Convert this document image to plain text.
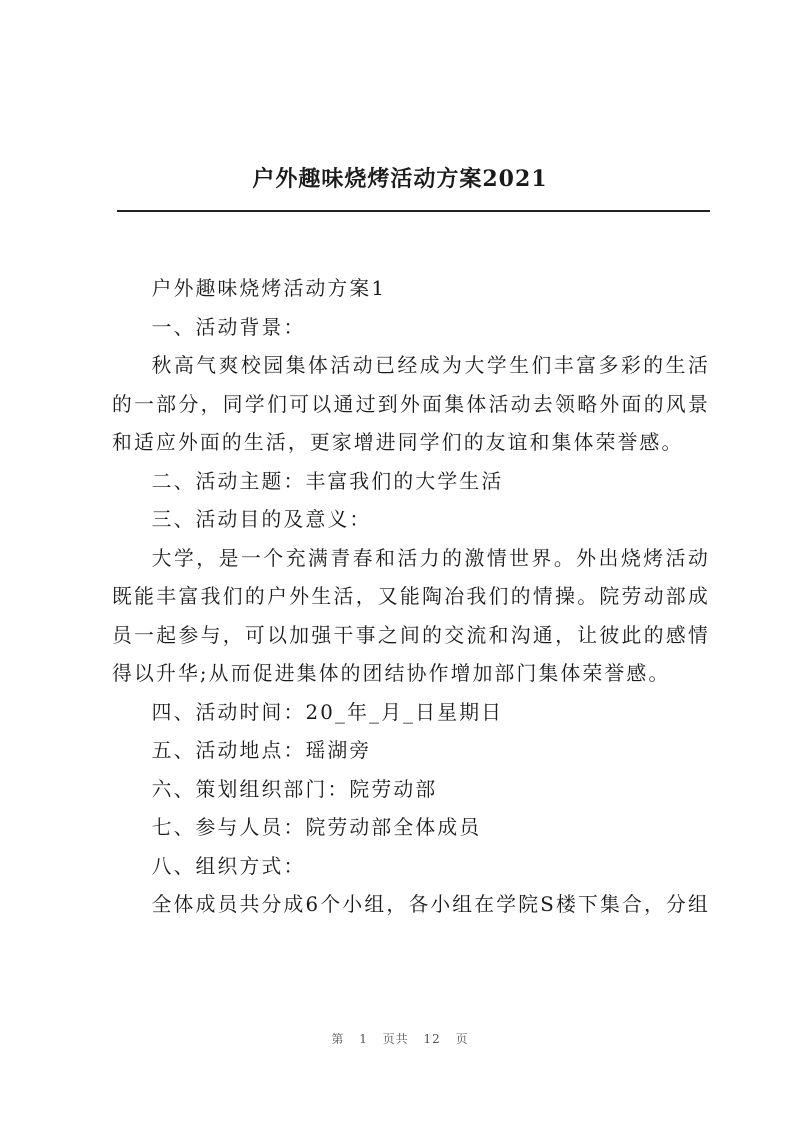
户外趣味烧烤活动方案2021

户外趣味烧烤活动方案1

一、活动背景：

秋高气爽校园集体活动已经成为大学生们丰富多彩的生活的一部分，同学们可以通过到外面集体活动去领略外面的风景和适应外面的生活，更家增进同学们的友谊和集体荣誉感。

二、活动主题：丰富我们的大学生活

三、活动目的及意义：

大学，是一个充满青春和活力的激情世界。外出烧烤活动既能丰富我们的户外生活，又能陶冶我们的情操。院劳动部成员一起参与，可以加强干事之间的交流和沟通，让彼此的感情得以升华;从而促进集体的团结协作增加部门集体荣誉感。

四、活动时间：20_年_月_日星期日

五、活动地点：瑶湖旁

六、策划组织部门：院劳动部

七、参与人员：院劳动部全体成员

八、组织方式：

全体成员共分成6个小组，各小组在学院S楼下集合，分组

第 1 页共 12 页
